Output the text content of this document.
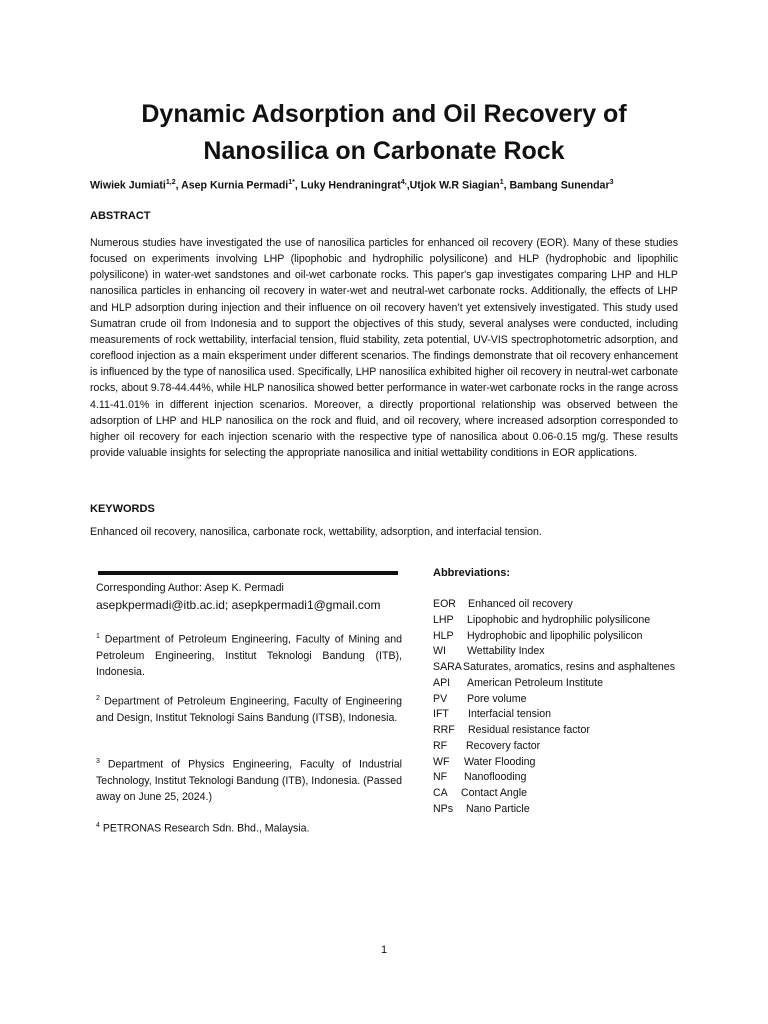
Dynamic Adsorption and Oil Recovery of
Nanosilica on Carbonate Rock
Wiwiek Jumiati$^{1,2}$, Asep Kurnia Permadi$^{1*}$, Luky Hendraningrat$^{4,}$,Utjok W.R Siagian$^1$, Bambang Sunendar$^3$
ABSTRACT

Numerous studies have investigated the use of nanosilica particles for enhanced oil recovery (EOR). Many of these studies focused on experiments involving LHP (lipophobic and hydrophilic polysilicone) and HLP (hydrophobic and lipophilic polysilicone) in water-wet sandstones and oil-wet carbonate rocks. This paper's gap investigates comparing LHP and HLP nanosilica particles in enhancing oil recovery in water-wet and neutral-wet carbonate rocks. Additionally, the effects of LHP and HLP adsorption during injection and their influence on oil recovery haven’t yet extensively investigated. This study used Sumatran crude oil from Indonesia and to support the objectives of this study, several analyses were conducted, including measurements of rock wettability, interfacial tension, fluid stability, zeta potential, UV-VIS spectrophotometric adsorption, and coreflood injection as a main eksperiment under different scenarios. The findings demonstrate that oil recovery enhancement is influenced by the type of nanosilica used. Specifically, LHP nanosilica exhibited higher oil recovery in neutral-wet carbonate rocks, about 9.78-44.44%, while HLP nanosilica showed better performance in water-wet carbonate rocks in the range across 4.11-41.01% in different injection scenarios. Moreover, a directly proportional relationship was observed between the adsorption of LHP and HLP nanosilica on the rock and fluid, and oil recovery, where increased adsorption corresponded to higher oil recovery for each injection scenario with the respective type of nanosilica about 0.06-0.15 mg/g. These results provide valuable insights for selecting the appropriate nanosilica and initial wettability conditions in EOR applications.

KEYWORDS

Enhanced oil recovery, nanosilica, carbonate rock, wettability, adsorption, and interfacial tension.

Corresponding Author: Asep K. Permadi
asepkpermadi@itb.ac.id; asepkpermadi1@gmail.com

$^1$ Department of Petroleum Engineering, Faculty of Mining and Petroleum Engineering, Institut Teknologi Bandung (ITB), Indonesia.

$^2$ Department of Petroleum Engineering, Faculty of Engineering and Design, Institut Teknologi Sains Bandung (ITSB), Indonesia.

$^3$ Department of Physics Engineering, Faculty of Industrial Technology, Institut Teknologi Bandung (ITB), Indonesia. (Passed away on June 25, 2024.)

$^4$ PETRONAS Research Sdn. Bhd., Malaysia.

Abbreviations:
EOR Enhanced oil recovery
LHP Lipophobic and hydrophilic polysilicone
HLP Hydrophobic and lipophilic polysilicon
WI Wettability Index
SARASaturates, aromatics, resins and asphaltenes
API American Petroleum Institute
PV Pore volume
IFT Interfacial tension
RRF Residual resistance factor
RF Recovery factor
WF Water Flooding
NF Nanoflooding
CA Contact Angle
NPs Nano Particle
1
